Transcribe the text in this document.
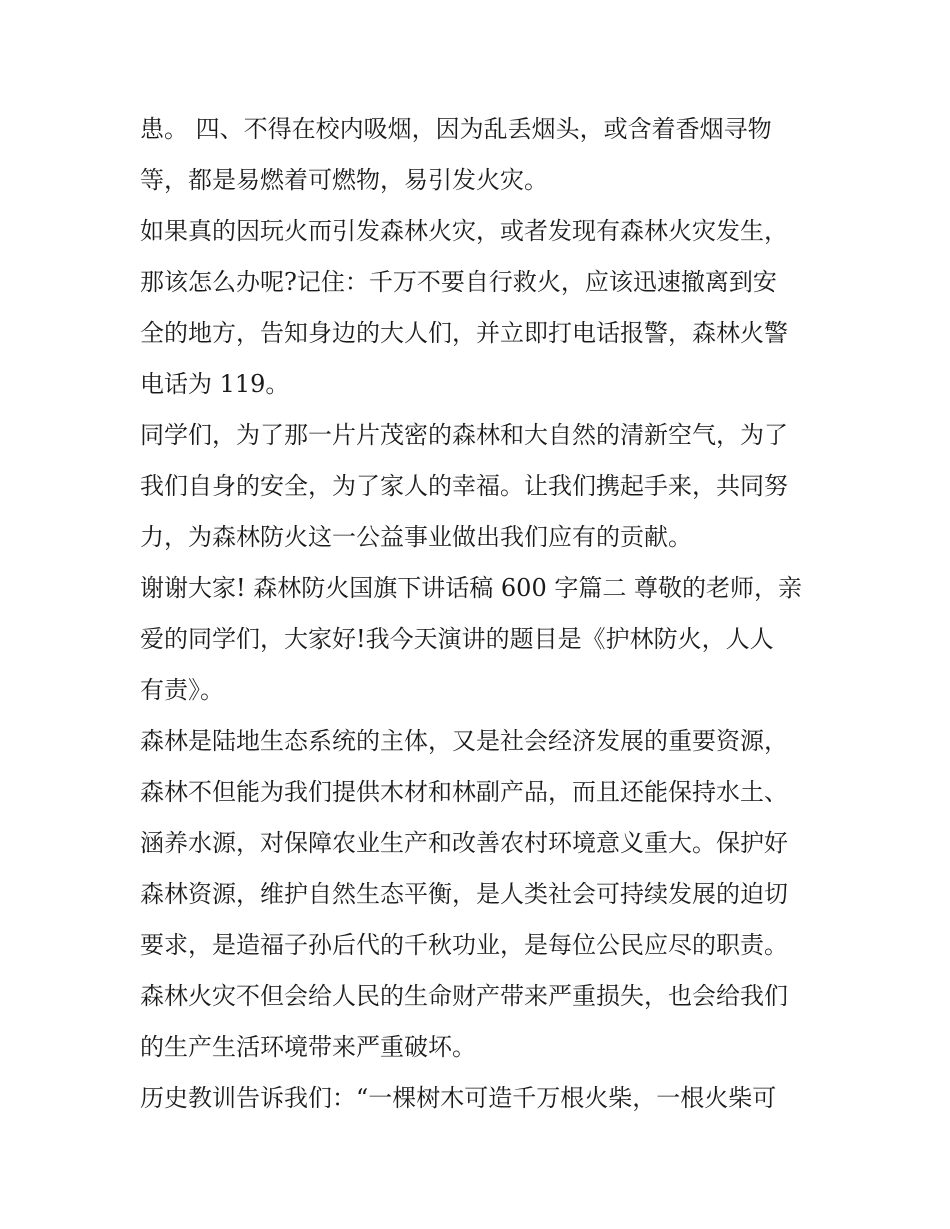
患。 四、不得在校内吸烟，因为乱丢烟头，或含着香烟寻物
等，都是易燃着可燃物，易引发火灾。
如果真的因玩火而引发森林火灾，或者发现有森林火灾发生，
那该怎么办呢?记住：千万不要自行救火，应该迅速撤离到安
全的地方，告知身边的大人们，并立即打电话报警，森林火警
电话为 119。
同学们，为了那一片片茂密的森林和大自然的清新空气，为了
我们自身的安全，为了家人的幸福。让我们携起手来，共同努
力，为森林防火这一公益事业做出我们应有的贡献。
谢谢大家! 森林防火国旗下讲话稿 600 字篇二 尊敬的老师，亲
爱的同学们，大家好!我今天演讲的题目是《护林防火，人人
有责》。
森林是陆地生态系统的主体，又是社会经济发展的重要资源，
森林不但能为我们提供木材和林副产品，而且还能保持水土、
涵养水源，对保障农业生产和改善农村环境意义重大。保护好
森林资源，维护自然生态平衡，是人类社会可持续发展的迫切
要求，是造福子孙后代的千秋功业，是每位公民应尽的职责。
森林火灾不但会给人民的生命财产带来严重损失，也会给我们
的生产生活环境带来严重破坏。
历史教训告诉我们：“一棵树木可造千万根火柴，一根火柴可
